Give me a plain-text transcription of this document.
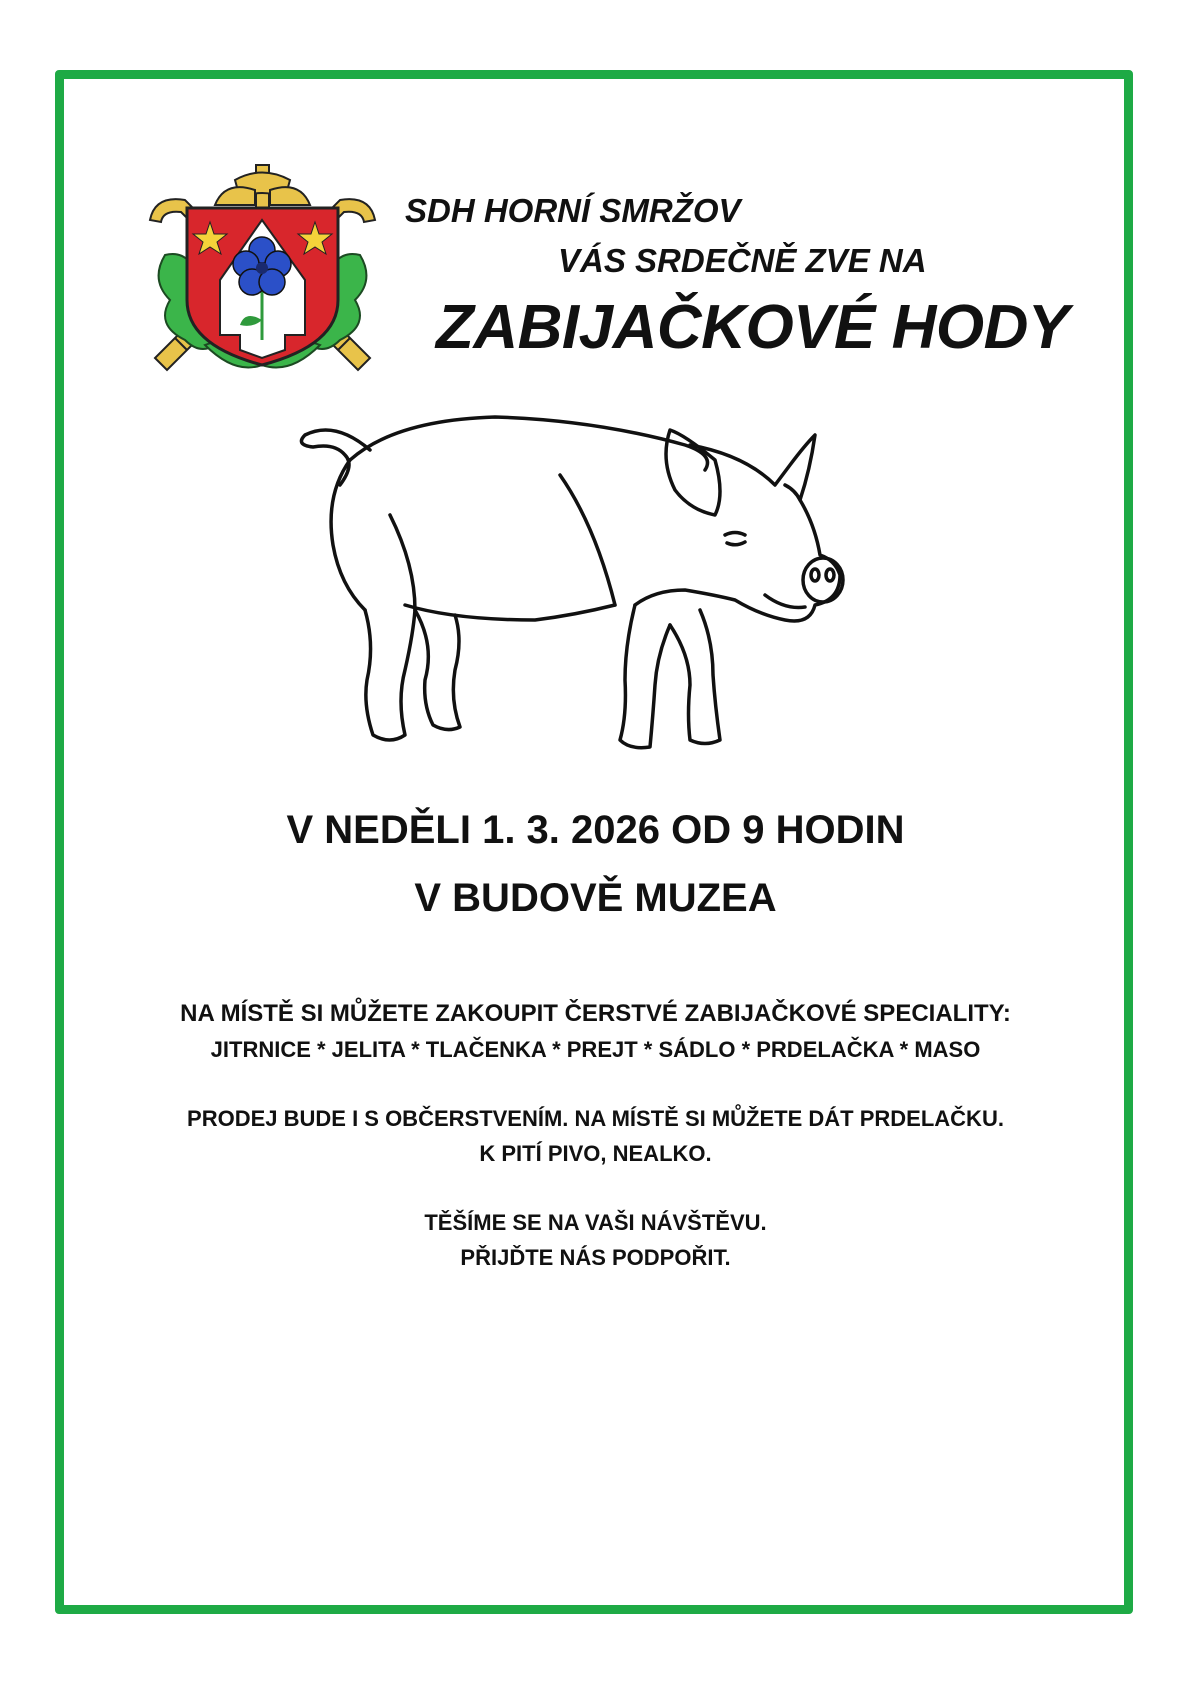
SDH HORNÍ SMRŽOV
VÁS SRDEČNĚ ZVE NA
ZABIJAČKOVÉ HODY
V NEDĚLI 1. 3. 2026 OD 9 HODIN
V BUDOVĚ MUZEA
NA MÍSTĚ SI MŮŽETE ZAKOUPIT ČERSTVÉ ZABIJAČKOVÉ SPECIALITY:
JITRNICE * JELITA * TLAČENKA * PREJT * SÁDLO * PRDELAČKA * MASO
PRODEJ BUDE I S OBČERSTVENÍM. NA MÍSTĚ SI MŮŽETE DÁT PRDELAČKU.
K PITÍ PIVO, NEALKO.
TĚŠÍME SE NA VAŠI NÁVŠTĚVU.
PŘIJĎTE NÁS PODPOŘIT.
